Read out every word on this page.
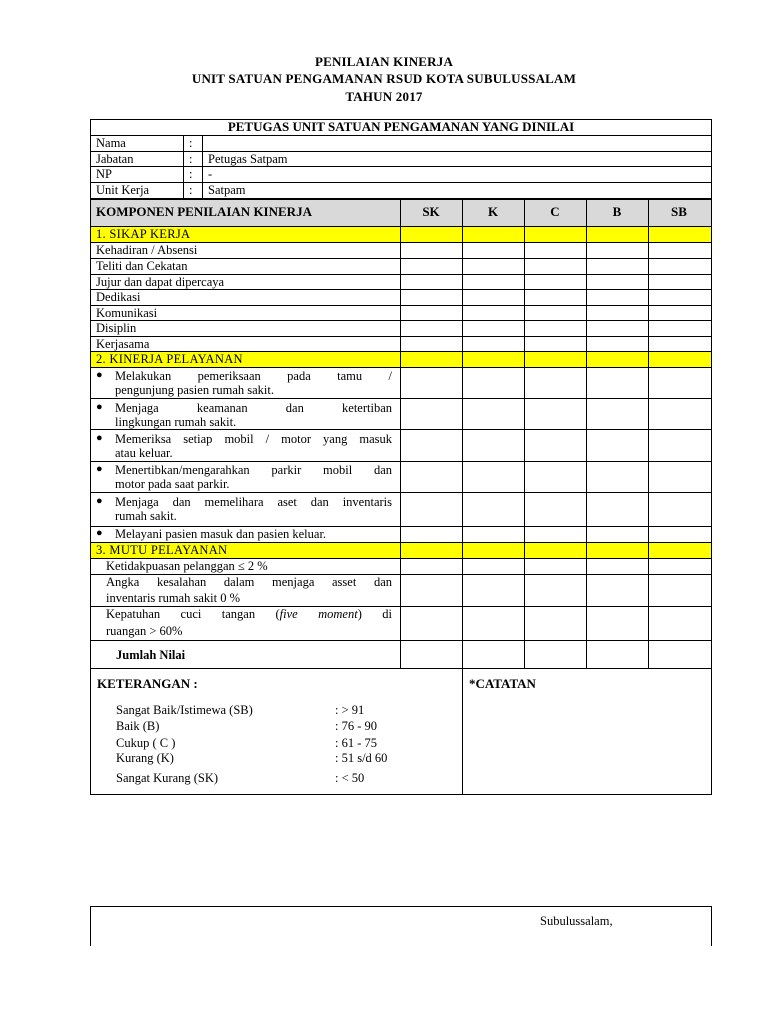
PENILAIAN KINERJA
UNIT SATUAN PENGAMANAN RSUD KOTA SUBULUSSALAM
TAHUN 2017
PETUGAS UNIT SATUAN PENGAMANAN YANG DINILAI
Nama	:
Jabatan	: Petugas Satpam
NP	: -
Unit Kerja	: Satpam
KOMPONEN PENILAIAN KINERJA	SK	K	C	B	SB
1. SIKAP KERJA
Kehadiran / Absensi
Teliti dan Cekatan
Jujur dan dapat dipercaya
Dedikasi
Komunikasi
Disiplin
Kerjasama
2. KINERJA PELAYANAN
● Melakukan pemeriksaan pada tamu /
pengunjung pasien rumah sakit.
● Menjaga keamanan dan ketertiban
lingkungan rumah sakit.
● Memeriksa setiap mobil / motor yang masuk
atau keluar.
● Menertibkan/mengarahkan parkir mobil dan
motor pada saat parkir.
● Menjaga dan memelihara aset dan inventaris
rumah sakit.
● Melayani pasien masuk dan pasien keluar.
3. MUTU PELAYANAN
Ketidakpuasan pelanggan ≤ 2 %
Angka kesalahan dalam menjaga asset dan
inventaris rumah sakit 0 %
Kepatuhan cuci tangan (five moment) di
ruangan > 60%
Jumlah Nilai
KETERANGAN :	*CATATAN
Sangat Baik/Istimewa (SB)	: > 91
Baik (B)	: 76 - 90
Cukup ( C )	: 61 - 75
Kurang (K)	: 51 s/d 60
Sangat Kurang (SK)	: < 50
Subulussalam,
